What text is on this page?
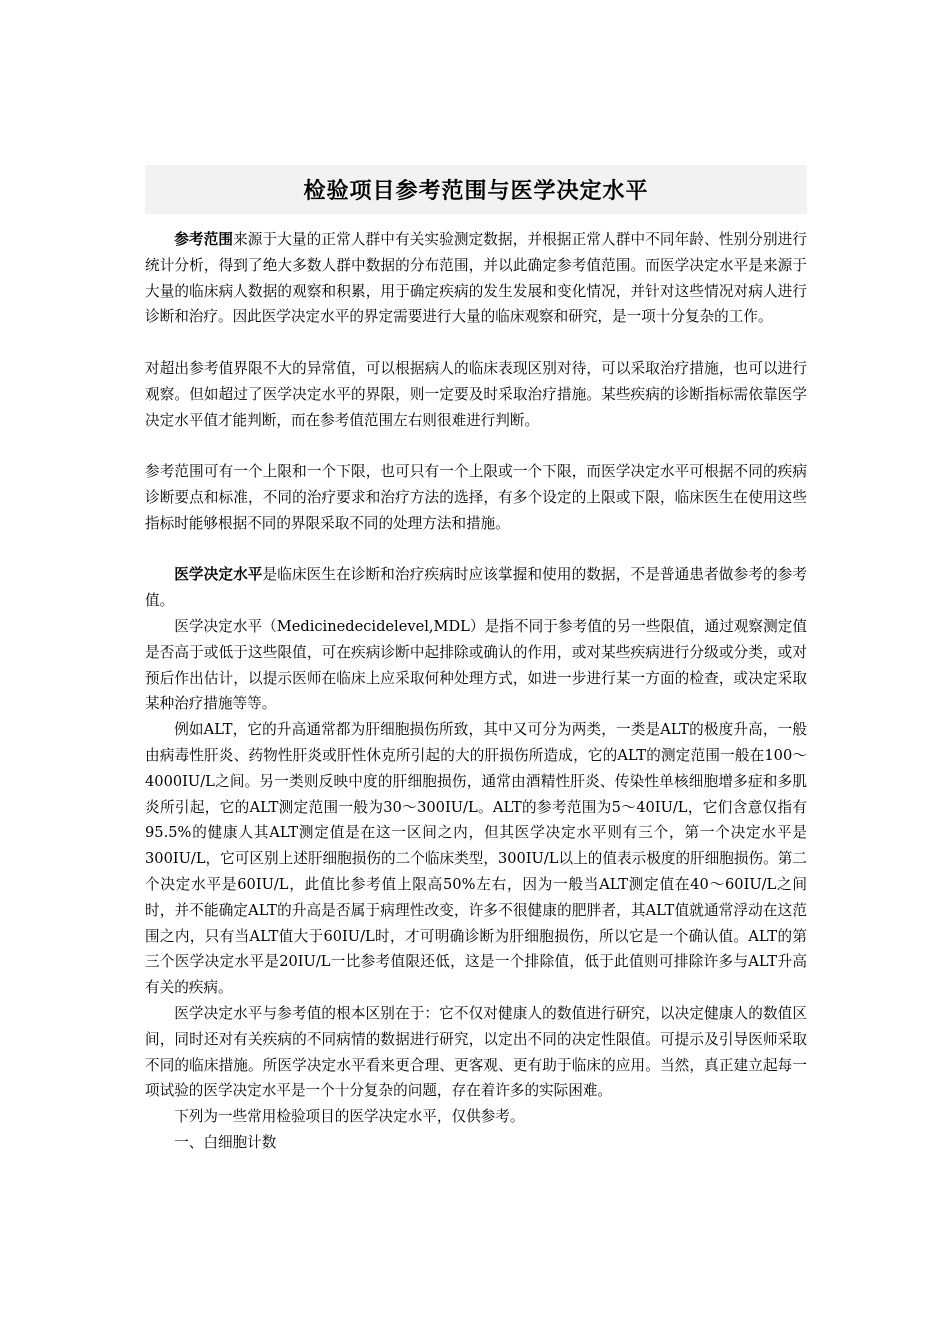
检验项目参考范围与医学决定水平

参考范围来源于大量的正常人群中有关实验测定数据，并根据正常人群中不同年龄、性别分别进行统计分析，得到了绝大多数人群中数据的分布范围，并以此确定参考值范围。而医学决定水平是来源于大量的临床病人数据的观察和积累，用于确定疾病的发生发展和变化情况，并针对这些情况对病人进行诊断和治疗。因此医学决定水平的界定需要进行大量的临床观察和研究，是一项十分复杂的工作。

对超出参考值界限不大的异常值，可以根据病人的临床表现区别对待，可以采取治疗措施，也可以进行观察。但如超过了医学决定水平的界限，则一定要及时采取治疗措施。某些疾病的诊断指标需依靠医学决定水平值才能判断，而在参考值范围左右则很难进行判断。

参考范围可有一个上限和一个下限，也可只有一个上限或一个下限，而医学决定水平可根据不同的疾病诊断要点和标准，不同的治疗要求和治疗方法的选择，有多个设定的上限或下限，临床医生在使用这些指标时能够根据不同的界限采取不同的处理方法和措施。

医学决定水平是临床医生在诊断和治疗疾病时应该掌握和使用的数据，不是普通患者做参考的参考值。

医学决定水平（Medicinedecidelevel,MDL）是指不同于参考值的另一些限值，通过观察测定值是否高于或低于这些限值，可在疾病诊断中起排除或确认的作用，或对某些疾病进行分级或分类，或对预后作出估计，以提示医师在临床上应采取何种处理方式，如进一步进行某一方面的检查，或决定采取某种治疗措施等等。

例如ALT，它的升高通常都为肝细胞损伤所致，其中又可分为两类，一类是ALT的极度升高，一般由病毒性肝炎、药物性肝炎或肝性休克所引起的大的肝损伤所造成，它的ALT的测定范围一般在100～4000IU/L之间。另一类则反映中度的肝细胞损伤，通常由酒精性肝炎、传染性单核细胞增多症和多肌炎所引起，它的ALT测定范围一般为30～300IU/L。ALT的参考范围为5～40IU/L，它们含意仅指有95.5%的健康人其ALT测定值是在这一区间之内，但其医学决定水平则有三个，第一个决定水平是300IU/L，它可区别上述肝细胞损伤的二个临床类型，300IU/L以上的值表示极度的肝细胞损伤。第二个决定水平是60IU/L，此值比参考值上限高50%左右，因为一般当ALT测定值在40～60IU/L之间时，并不能确定ALT的升高是否属于病理性改变，许多不很健康的肥胖者，其ALT值就通常浮动在这范围之内，只有当ALT值大于60IU/L时，才可明确诊断为肝细胞损伤，所以它是一个确认值。ALT的第三个医学决定水平是20IU/L一比参考值限还低，这是一个排除值，低于此值则可排除许多与ALT升高有关的疾病。

医学决定水平与参考值的根本区别在于：它不仅对健康人的数值进行研究，以决定健康人的数值区间，同时还对有关疾病的不同病情的数据进行研究，以定出不同的决定性限值。可提示及引导医师采取不同的临床措施。所医学决定水平看来更合理、更客观、更有助于临床的应用。当然，真正建立起每一项试验的医学决定水平是一个十分复杂的问题，存在着许多的实际困难。

下列为一些常用检验项目的医学决定水平，仅供参考。

一、白细胞计数
